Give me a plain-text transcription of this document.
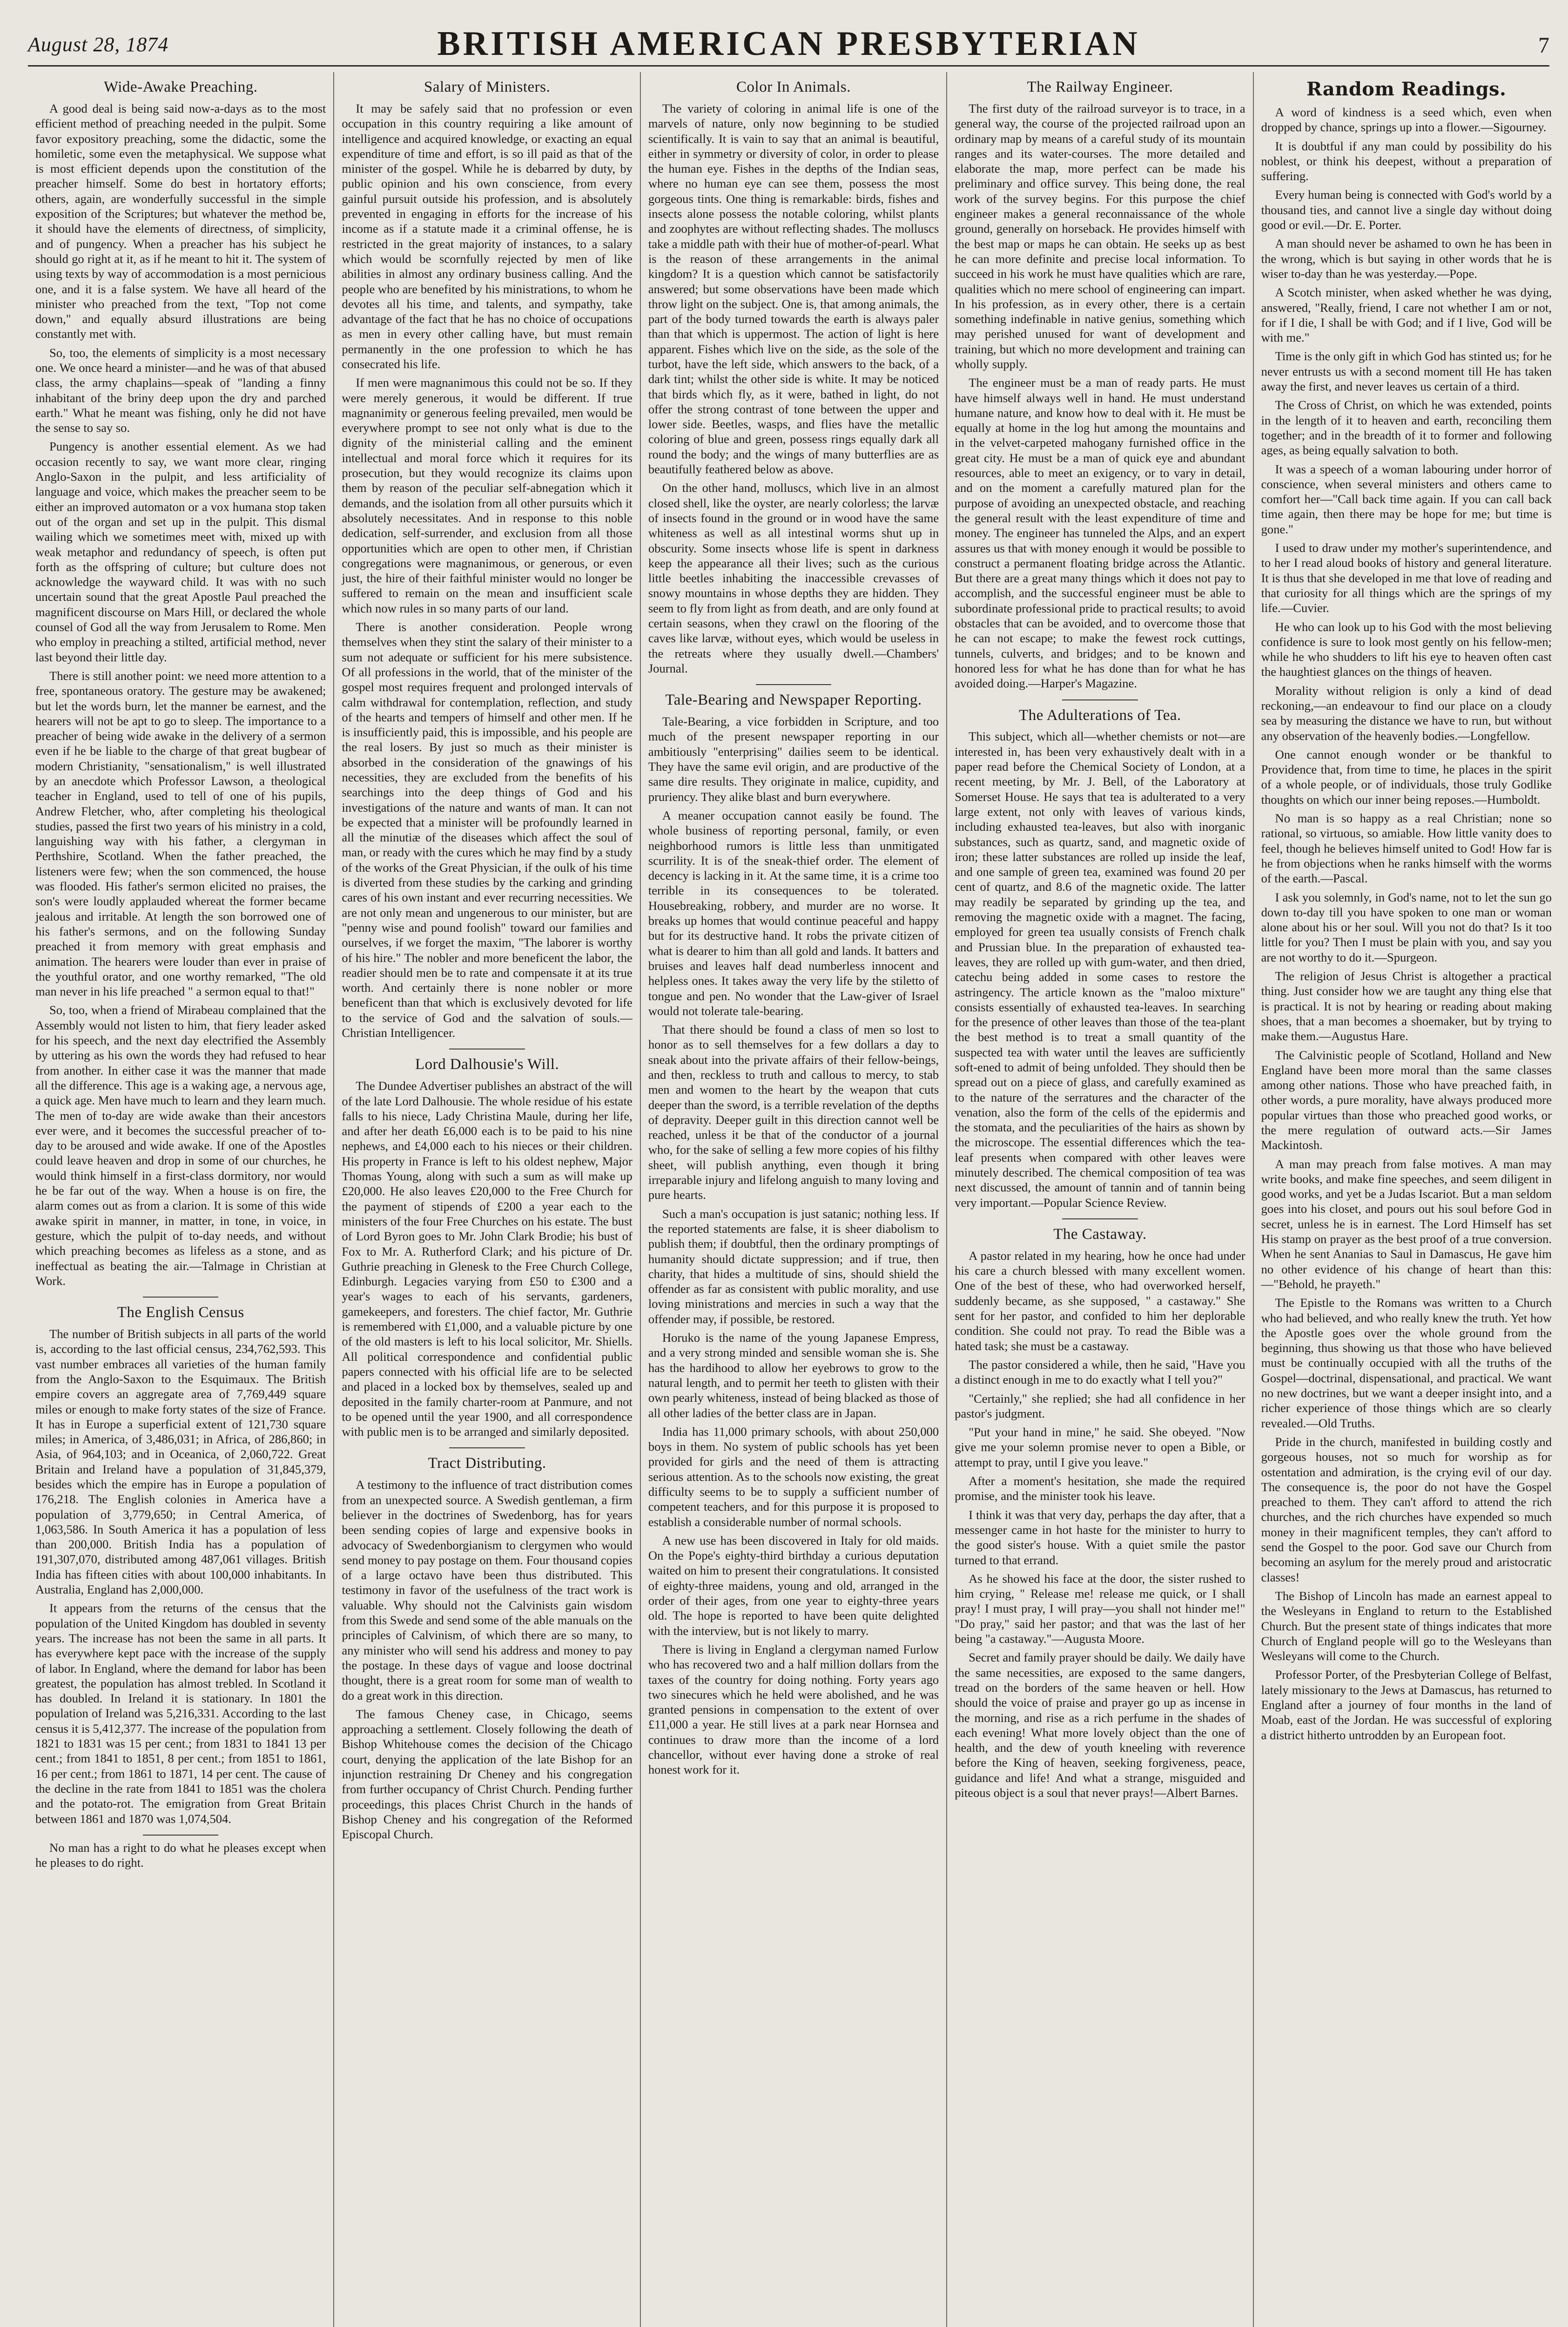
August 28, 1874	BRITISH AMERICAN PRESBYTERIAN	7
Wide-Awake Preaching.

A good deal is being said now-a-days as to the most efficient method of preaching needed in the pulpit. Some favor expository preaching, some the didactic, some the homiletic, some even the metaphysical. We suppose what is most efficient depends upon the constitution of the preacher himself. Some do best in hortatory efforts; others, again, are wonderfully successful in the simple exposition of the Scriptures; but whatever the method be, it should have the elements of directness, of simplicity, and of pungency. When a preacher has his subject he should go right at it, as if he meant to hit it. The system of using texts by way of accommodation is a most pernicious one, and it is a false system. We have all heard of the minister who preached from the text, "Top not come down," and equally absurd illustrations are being constantly met with.

So, too, the elements of simplicity is a most necessary one. We once heard a minister—and he was of that abused class, the army chaplains—speak of "landing a finny inhabitant of the briny deep upon the dry and parched earth." What he meant was fishing, only he did not have the sense to say so.

Pungency is another essential element. As we had occasion recently to say, we want more clear, ringing Anglo-Saxon in the pulpit, and less artificiality of language and voice, which makes the preacher seem to be either an improved automaton or a vox humana stop taken out of the organ and set up in the pulpit. This dismal wailing which we sometimes meet with, mixed up with weak metaphor and redundancy of speech, is often put forth as the offspring of culture; but culture does not acknowledge the wayward child. It was with no such uncertain sound that the great Apostle Paul preached the magnificent discourse on Mars Hill, or declared the whole counsel of God all the way from Jerusalem to Rome. Men who employ in preaching a stilted, artificial method, never last beyond their little day.

There is still another point: we need more attention to a free, spontaneous oratory. The gesture may be awakened; but let the words burn, let the manner be earnest, and the hearers will not be apt to go to sleep. The importance to a preacher of being wide awake in the delivery of a sermon even if he be liable to the charge of that great bugbear of modern Christianity, "sensationalism," is well illustrated by an anecdote which Professor Lawson, a theological teacher in England, used to tell of one of his pupils, Andrew Fletcher, who, after completing his theological studies, passed the first two years of his ministry in a cold, languishing way with his father, a clergyman in Perthshire, Scotland. When the father preached, the listeners were few; when the son commenced, the house was flooded. His father's sermon elicited no praises, the son's were loudly applauded whereat the former became jealous and irritable. At length the son borrowed one of his father's sermons, and on the following Sunday preached it from memory with great emphasis and animation. The hearers were louder than ever in praise of the youthful orator, and one worthy remarked, "The old man never in his life preached " a sermon equal to that!"

So, too, when a friend of Mirabeau complained that the Assembly would not listen to him, that fiery leader asked for his speech, and the next day electrified the Assembly by uttering as his own the words they had refused to hear from another. In either case it was the manner that made all the difference. This age is a waking age, a nervous age, a quick age. Men have much to learn and they learn much. The men of to-day are wide awake than their ancestors ever were, and it becomes the successful preacher of to-day to be aroused and wide awake. If one of the Apostles could leave heaven and drop in some of our churches, he would think himself in a first-class dormitory, nor would he be far out of the way. When a house is on fire, the alarm comes out as from a clarion. It is some of this wide awake spirit in manner, in matter, in tone, in voice, in gesture, which the pulpit of to-day needs, and without which preaching becomes as lifeless as a stone, and as ineffectual as beating the air.—Talmage in Christian at Work.

The English Census

The number of British subjects in all parts of the world is, according to the last official census, 234,762,593. This vast number embraces all varieties of the human family from the Anglo-Saxon to the Esquimaux. The British empire covers an aggregate area of 7,769,449 square miles or enough to make forty states of the size of France. It has in Europe a superficial extent of 121,730 square miles; in America, of 3,486,031; in Africa, of 286,860; in Asia, of 964,103; and in Oceanica, of 2,060,722. Great Britain and Ireland have a population of 31,845,379, besides which the empire has in Europe a population of 176,218. The English colonies in America have a population of 3,779,650; in Central America, of 1,063,586. In South America it has a population of less than 200,000. British India has a population of 191,307,070, distributed among 487,061 villages. British India has fifteen cities with about 100,000 inhabitants. In Australia, England has 2,000,000.

It appears from the returns of the census that the population of the United Kingdom has doubled in seventy years. The increase has not been the same in all parts. It has everywhere kept pace with the increase of the supply of labor. In England, where the demand for labor has been greatest, the population has almost trebled. In Scotland it has doubled. In Ireland it is stationary. In 1801 the population of Ireland was 5,216,331. According to the last census it is 5,412,377. The increase of the population from 1821 to 1831 was 15 per cent.; from 1831 to 1841 13 per cent.; from 1841 to 1851, 8 per cent.; from 1851 to 1861, 16 per cent.; from 1861 to 1871, 14 per cent. The cause of the decline in the rate from 1841 to 1851 was the cholera and the potato-rot. The emigration from Great Britain between 1861 and 1870 was 1,074,504.

No man has a right to do what he pleases except when he pleases to do right.

Salary of Ministers.

It may be safely said that no profession or even occupation in this country requiring a like amount of intelligence and acquired knowledge, or exacting an equal expenditure of time and effort, is so ill paid as that of the minister of the gospel. While he is debarred by duty, by public opinion and his own conscience, from every gainful pursuit outside his profession, and is absolutely prevented in engaging in efforts for the increase of his income as if a statute made it a criminal offense, he is restricted in the great majority of instances, to a salary which would be scornfully rejected by men of like abilities in almost any ordinary business calling. And the people who are benefited by his ministrations, to whom he devotes all his time, and talents, and sympathy, take advantage of the fact that he has no choice of occupations as men in every other calling have, but must remain permanently in the one profession to which he has consecrated his life.

If men were magnanimous this could not be so. If they were merely generous, it would be different. If true magnanimity or generous feeling prevailed, men would be everywhere prompt to see not only what is due to the dignity of the ministerial calling and the eminent intellectual and moral force which it requires for its prosecution, but they would recognize its claims upon them by reason of the peculiar self-abnegation which it demands, and the isolation from all other pursuits which it absolutely necessitates. And in response to this noble dedication, self-surrender, and exclusion from all those opportunities which are open to other men, if Christian congregations were magnanimous, or generous, or even just, the hire of their faithful minister would no longer be suffered to remain on the mean and insufficient scale which now rules in so many parts of our land.

There is another consideration. People wrong themselves when they stint the salary of their minister to a sum not adequate or sufficient for his mere subsistence. Of all professions in the world, that of the minister of the gospel most requires frequent and prolonged intervals of calm withdrawal for contemplation, reflection, and study of the hearts and tempers of himself and other men. If he is insufficiently paid, this is impossible, and his people are the real losers. By just so much as their minister is absorbed in the consideration of the gnawings of his necessities, they are excluded from the benefits of his searchings into the deep things of God and his investigations of the nature and wants of man. It can not be expected that a minister will be profoundly learned in all the minutiæ of the diseases which affect the soul of man, or ready with the cures which he may find by a study of the works of the Great Physician, if the oulk of his time is diverted from these studies by the carking and grinding cares of his own instant and ever recurring necessities. We are not only mean and ungenerous to our minister, but are "penny wise and pound foolish" toward our families and ourselves, if we forget the maxim, "The laborer is worthy of his hire." The nobler and more beneficent the labor, the readier should men be to rate and compensate it at its true worth. And certainly there is none nobler or more beneficent than that which is exclusively devoted for life to the service of God and the salvation of souls.—Christian Intelligencer.

Lord Dalhousie's Will.

The Dundee Advertiser publishes an abstract of the will of the late Lord Dalhousie. The whole residue of his estate falls to his niece, Lady Christina Maule, during her life, and after her death £6,000 each is to be paid to his nine nephews, and £4,000 each to his nieces or their children. His property in France is left to his oldest nephew, Major Thomas Young, along with such a sum as will make up £20,000. He also leaves £20,000 to the Free Church for the payment of stipends of £200 a year each to the ministers of the four Free Churches on his estate. The bust of Lord Byron goes to Mr. John Clark Brodie; his bust of Fox to Mr. A. Rutherford Clark; and his picture of Dr. Guthrie preaching in Glenesk to the Free Church College, Edinburgh. Legacies varying from £50 to £300 and a year's wages to each of his servants, gardeners, gamekeepers, and foresters. The chief factor, Mr. Guthrie is remembered with £1,000, and a valuable picture by one of the old masters is left to his local solicitor, Mr. Shiells. All political correspondence and confidential public papers connected with his official life are to be selected and placed in a locked box by themselves, sealed up and deposited in the family charter-room at Panmure, and not to be opened until the year 1900, and all correspondence with public men is to be arranged and similarly deposited.

Tract Distributing.

A testimony to the influence of tract distribution comes from an unexpected source. A Swedish gentleman, a firm believer in the doctrines of Swedenborg, has for years been sending copies of large and expensive books in advocacy of Swedenborgianism to clergymen who would send money to pay postage on them. Four thousand copies of a large octavo have been thus distributed. This testimony in favor of the usefulness of the tract work is valuable. Why should not the Calvinists gain wisdom from this Swede and send some of the able manuals on the principles of Calvinism, of which there are so many, to any minister who will send his address and money to pay the postage. In these days of vague and loose doctrinal thought, there is a great room for some man of wealth to do a great work in this direction.

The famous Cheney case, in Chicago, seems approaching a settlement. Closely following the death of Bishop Whitehouse comes the decision of the Chicago court, denying the application of the late Bishop for an injunction restraining Dr Cheney and his congregation from further occupancy of Christ Church. Pending further proceedings, this places Christ Church in the hands of Bishop Cheney and his congregation of the Reformed Episcopal Church.

Color In Animals.

The variety of coloring in animal life is one of the marvels of nature, only now beginning to be studied scientifically. It is vain to say that an animal is beautiful, either in symmetry or diversity of color, in order to please the human eye. Fishes in the depths of the Indian seas, where no human eye can see them, possess the most gorgeous tints. One thing is remarkable: birds, fishes and insects alone possess the notable coloring, whilst plants and zoophytes are without reflecting shades. The molluscs take a middle path with their hue of mother-of-pearl. What is the reason of these arrangements in the animal kingdom? It is a question which cannot be satisfactorily answered; but some observations have been made which throw light on the subject. One is, that among animals, the part of the body turned towards the earth is always paler than that which is uppermost. The action of light is here apparent. Fishes which live on the side, as the sole of the turbot, have the left side, which answers to the back, of a dark tint; whilst the other side is white. It may be noticed that birds which fly, as it were, bathed in light, do not offer the strong contrast of tone between the upper and lower side. Beetles, wasps, and flies have the metallic coloring of blue and green, possess rings equally dark all round the body; and the wings of many butterflies are as beautifully feathered below as above.

On the other hand, molluscs, which live in an almost closed shell, like the oyster, are nearly colorless; the larvæ of insects found in the ground or in wood have the same whiteness as well as all intestinal worms shut up in obscurity. Some insects whose life is spent in darkness keep the appearance all their lives; such as the curious little beetles inhabiting the inaccessible crevasses of snowy mountains in whose depths they are hidden. They seem to fly from light as from death, and are only found at certain seasons, when they crawl on the flooring of the caves like larvæ, without eyes, which would be useless in the retreats where they usually dwell.—Chambers' Journal.

Tale-Bearing and Newspaper Reporting.

Tale-Bearing, a vice forbidden in Scripture, and too much of the present newspaper reporting in our ambitiously "enterprising" dailies seem to be identical. They have the same evil origin, and are productive of the same dire results. They originate in malice, cupidity, and pruriency. They alike blast and burn everywhere.

A meaner occupation cannot easily be found. The whole business of reporting personal, family, or even neighborhood rumors is little less than unmitigated scurrility. It is of the sneak-thief order. The element of decency is lacking in it. At the same time, it is a crime too terrible in its consequences to be tolerated. Housebreaking, robbery, and murder are no worse. It breaks up homes that would continue peaceful and happy but for its destructive hand. It robs the private citizen of what is dearer to him than all gold and lands. It batters and bruises and leaves half dead numberless innocent and helpless ones. It takes away the very life by the stiletto of tongue and pen. No wonder that the Law-giver of Israel would not tolerate tale-bearing.

That there should be found a class of men so lost to honor as to sell themselves for a few dollars a day to sneak about into the private affairs of their fellow-beings, and then, reckless to truth and callous to mercy, to stab men and women to the heart by the weapon that cuts deeper than the sword, is a terrible revelation of the depths of depravity. Deeper guilt in this direction cannot well be reached, unless it be that of the conductor of a journal who, for the sake of selling a few more copies of his filthy sheet, will publish anything, even though it bring irreparable injury and lifelong anguish to many loving and pure hearts.

Such a man's occupation is just satanic; nothing less. If the reported statements are false, it is sheer diabolism to publish them; if doubtful, then the ordinary promptings of humanity should dictate suppression; and if true, then charity, that hides a multitude of sins, should shield the offender as far as consistent with public morality, and use loving ministrations and mercies in such a way that the offender may, if possible, be restored.

Horuko is the name of the young Japanese Empress, and a very strong minded and sensible woman she is. She has the hardihood to allow her eyebrows to grow to the natural length, and to permit her teeth to glisten with their own pearly whiteness, instead of being blacked as those of all other ladies of the better class are in Japan.

India has 11,000 primary schools, with about 250,000 boys in them. No system of public schools has yet been provided for girls and the need of them is attracting serious attention. As to the schools now existing, the great difficulty seems to be to supply a sufficient number of competent teachers, and for this purpose it is proposed to establish a considerable number of normal schools.

A new use has been discovered in Italy for old maids. On the Pope's eighty-third birthday a curious deputation waited on him to present their congratulations. It consisted of eighty-three maidens, young and old, arranged in the order of their ages, from one year to eighty-three years old. The hope is reported to have been quite delighted with the interview, but is not likely to marry.

There is living in England a clergyman named Furlow who has recovered two and a half million dollars from the taxes of the country for doing nothing. Forty years ago two sinecures which he held were abolished, and he was granted pensions in compensation to the extent of over £11,000 a year. He still lives at a park near Hornsea and continues to draw more than the income of a lord chancellor, without ever having done a stroke of real honest work for it.

The Railway Engineer.

The first duty of the railroad surveyor is to trace, in a general way, the course of the projected railroad upon an ordinary map by means of a careful study of its mountain ranges and its water-courses. The more detailed and elaborate the map, more perfect can be made his preliminary and office survey. This being done, the real work of the survey begins. For this purpose the chief engineer makes a general reconnaissance of the whole ground, generally on horseback. He provides himself with the best map or maps he can obtain. He seeks up as best he can more definite and precise local information. To succeed in his work he must have qualities which are rare, qualities which no mere school of engineering can impart. In his profession, as in every other, there is a certain something indefinable in native genius, something which may perished unused for want of development and training, but which no more development and training can wholly supply.

The engineer must be a man of ready parts. He must have himself always well in hand. He must understand humane nature, and know how to deal with it. He must be equally at home in the log hut among the mountains and in the velvet-carpeted mahogany furnished office in the great city. He must be a man of quick eye and abundant resources, able to meet an exigency, or to vary in detail, and on the moment a carefully matured plan for the purpose of avoiding an unexpected obstacle, and reaching the general result with the least expenditure of time and money. The engineer has tunneled the Alps, and an expert assures us that with money enough it would be possible to construct a permanent floating bridge across the Atlantic. But there are a great many things which it does not pay to accomplish, and the successful engineer must be able to subordinate professional pride to practical results; to avoid obstacles that can be avoided, and to overcome those that he can not escape; to make the fewest rock cuttings, tunnels, culverts, and bridges; and to be known and honored less for what he has done than for what he has avoided doing.—Harper's Magazine.

The Adulterations of Tea.

This subject, which all—whether chemists or not—are interested in, has been very exhaustively dealt with in a paper read before the Chemical Society of London, at a recent meeting, by Mr. J. Bell, of the Laboratory at Somerset House. He says that tea is adulterated to a very large extent, not only with leaves of various kinds, including exhausted tea-leaves, but also with inorganic substances, such as quartz, sand, and magnetic oxide of iron; these latter substances are rolled up inside the leaf, and one sample of green tea, examined was found 20 per cent of quartz, and 8.6 of the magnetic oxide. The latter may readily be separated by grinding up the tea, and removing the magnetic oxide with a magnet. The facing, employed for green tea usually consists of French chalk and Prussian blue. In the preparation of exhausted tea-leaves, they are rolled up with gum-water, and then dried, catechu being added in some cases to restore the astringency. The article known as the "maloo mixture" consists essentially of exhausted tea-leaves. In searching for the presence of other leaves than those of the tea-plant the best method is to treat a small quantity of the suspected tea with water until the leaves are sufficiently soft-ened to admit of being unfolded. They should then be spread out on a piece of glass, and carefully examined as to the nature of the serratures and the character of the venation, also the form of the cells of the epidermis and the stomata, and the peculiarities of the hairs as shown by the microscope. The essential differences which the tea-leaf presents when compared with other leaves were minutely described. The chemical composition of tea was next discussed, the amount of tannin and of tannin being very important.—Popular Science Review.

The Castaway.

A pastor related in my hearing, how he once had under his care a church blessed with many excellent women. One of the best of these, who had overworked herself, suddenly became, as she supposed, " a castaway." She sent for her pastor, and confided to him her deplorable condition. She could not pray. To read the Bible was a hated task; she must be a castaway.

The pastor considered a while, then he said, "Have you a distinct enough in me to do exactly what I tell you?"

"Certainly," she replied; she had all confidence in her pastor's judgment.

"Put your hand in mine," he said. She obeyed. "Now give me your solemn promise never to open a Bible, or attempt to pray, until I give you leave."

After a moment's hesitation, she made the required promise, and the minister took his leave.

I think it was that very day, perhaps the day after, that a messenger came in hot haste for the minister to hurry to the good sister's house. With a quiet smile the pastor turned to that errand.

As he showed his face at the door, the sister rushed to him crying, " Release me! release me quick, or I shall pray! I must pray, I will pray—you shall not hinder me!" "Do pray," said her pastor; and that was the last of her being "a castaway."—Augusta Moore.

Secret and family prayer should be daily. We daily have the same necessities, are exposed to the same dangers, tread on the borders of the same heaven or hell. How should the voice of praise and prayer go up as incense in the morning, and rise as a rich perfume in the shades of each evening! What more lovely object than the one of health, and the dew of youth kneeling with reverence before the King of heaven, seeking forgiveness, peace, guidance and life! And what a strange, misguided and piteous object is a soul that never prays!—Albert Barnes.

Random Readings.

A word of kindness is a seed which, even when dropped by chance, springs up into a flower.—Sigourney.

It is doubtful if any man could by possibility do his noblest, or think his deepest, without a preparation of suffering.

Every human being is connected with God's world by a thousand ties, and cannot live a single day without doing good or evil.—Dr. E. Porter.

A man should never be ashamed to own he has been in the wrong, which is but saying in other words that he is wiser to-day than he was yesterday.—Pope.

A Scotch minister, when asked whether he was dying, answered, "Really, friend, I care not whether I am or not, for if I die, I shall be with God; and if I live, God will be with me."

Time is the only gift in which God has stinted us; for he never entrusts us with a second moment till He has taken away the first, and never leaves us certain of a third.

The Cross of Christ, on which he was extended, points in the length of it to heaven and earth, reconciling them together; and in the breadth of it to former and following ages, as being equally salvation to both.

It was a speech of a woman labouring under horror of conscience, when several ministers and others came to comfort her—"Call back time again. If you can call back time again, then there may be hope for me; but time is gone."

I used to draw under my mother's superintendence, and to her I read aloud books of history and general literature. It is thus that she developed in me that love of reading and that curiosity for all things which are the springs of my life.—Cuvier.

He who can look up to his God with the most believing confidence is sure to look most gently on his fellow-men; while he who shudders to lift his eye to heaven often cast the haughtiest glances on the things of heaven.

Morality without religion is only a kind of dead reckoning,—an endeavour to find our place on a cloudy sea by measuring the distance we have to run, but without any observation of the heavenly bodies.—Longfellow.

One cannot enough wonder or be thankful to Providence that, from time to time, he places in the spirit of a whole people, or of individuals, those truly Godlike thoughts on which our inner being reposes.—Humboldt.

No man is so happy as a real Christian; none so rational, so virtuous, so amiable. How little vanity does to feel, though he believes himself united to God! How far is he from objections when he ranks himself with the worms of the earth.—Pascal.

I ask you solemnly, in God's name, not to let the sun go down to-day till you have spoken to one man or woman alone about his or her soul. Will you not do that? Is it too little for you? Then I must be plain with you, and say you are not worthy to do it.—Spurgeon.

The religion of Jesus Christ is altogether a practical thing. Just consider how we are taught any thing else that is practical. It is not by hearing or reading about making shoes, that a man becomes a shoemaker, but by trying to make them.—Augustus Hare.

The Calvinistic people of Scotland, Holland and New England have been more moral than the same classes among other nations. Those who have preached faith, in other words, a pure morality, have always produced more popular virtues than those who preached good works, or the mere regulation of outward acts.—Sir James Mackintosh.

A man may preach from false motives. A man may write books, and make fine speeches, and seem diligent in good works, and yet be a Judas Iscariot. But a man seldom goes into his closet, and pours out his soul before God in secret, unless he is in earnest. The Lord Himself has set His stamp on prayer as the best proof of a true conversion. When he sent Ananias to Saul in Damascus, He gave him no other evidence of his change of heart than this:—"Behold, he prayeth."

The Epistle to the Romans was written to a Church who had believed, and who really knew the truth. Yet how the Apostle goes over the whole ground from the beginning, thus showing us that those who have believed must be continually occupied with all the truths of the Gospel—doctrinal, dispensational, and practical. We want no new doctrines, but we want a deeper insight into, and a richer experience of those things which are so clearly revealed.—Old Truths.

Pride in the church, manifested in building costly and gorgeous houses, not so much for worship as for ostentation and admiration, is the crying evil of our day. The consequence is, the poor do not have the Gospel preached to them. They can't afford to attend the rich churches, and the rich churches have expended so much money in their magnificent temples, they can't afford to send the Gospel to the poor. God save our Church from becoming an asylum for the merely proud and aristocratic classes!

The Bishop of Lincoln has made an earnest appeal to the Wesleyans in England to return to the Established Church. But the present state of things indicates that more Church of England people will go to the Wesleyans than Wesleyans will come to the Church.

Professor Porter, of the Presbyterian College of Belfast, lately missionary to the Jews at Damascus, has returned to England after a journey of four months in the land of Moab, east of the Jordan. He was successful of exploring a district hitherto untrodden by an European foot.
